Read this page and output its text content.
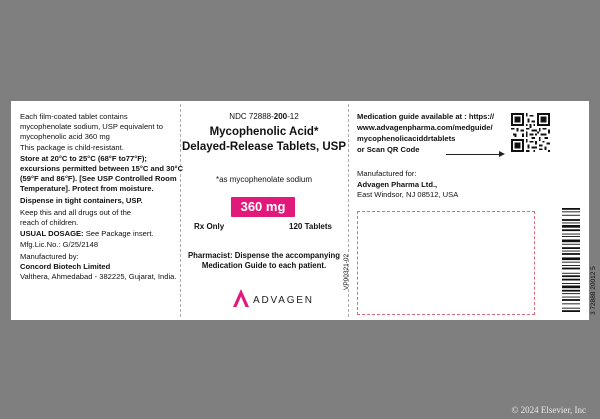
Each film-coated tablet contains
mycophenolate sodium, USP equivalent to
mycophenolic acid 360 mg
This package is child-resistant.
Store at 20°C to 25°C (68°F to77°F);
excursions permitted between 15°C and 30°C
(59°F and 86°F). [See USP Controlled Room
Temperature]. Protect from moisture.
Dispense in tight containers, USP.
Keep this and all drugs out of the
reach of children.
USUAL DOSAGE: See Package insert.
Mfg.Lic.No.: G/25/2148
Manufactured by:
Concord Biotech Limited
Valthera, Ahmedabad - 382225, Gujarat, India.
NDC 72888-200-12
Mycophenolic Acid*
Delayed-Release Tablets, USP
*as mycophenolate sodium
360 mg
Rx Only	120 Tablets
Pharmacist: Dispense the accompanying
Medication Guide to each patient.
ADVAGEN
VP00321-02
Medication guide available at : https://
www.advagenpharma.com/medguide/
mycophenolicaciddrtablets
or Scan QR Code
Manufactured for:
Advagen Pharma Ltd.,
East Windsor, NJ 08512, USA
3 72888 20012 5
© 2024 Elsevier, Inc
